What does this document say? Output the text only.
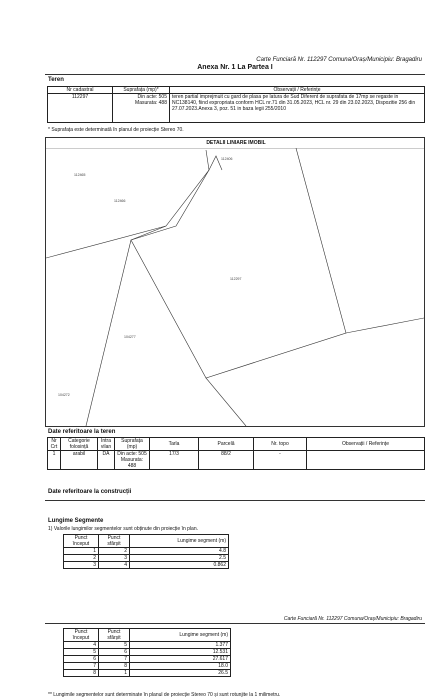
Carte Funciară Nr. 112297 Comuna/Oraș/Municipiu: Bragadiru
Anexa Nr. 1 La Partea I
Teren
Nr cadastral	Suprafața (mp)*	Observații / Referințe
112297	Din acte: 505
Masurata: 488	teren partial imprejmuit cu gard de plasa pe latura de Sud Diferent de suprafata de 17mp se regaste in NC138140, fiind expropriata conform HCL nr.71 din 31.05.2023, HCL nr. 29 din 23.02.2023, Dispozitie 256 din 27.07.2023.Anexa 3, poz. 51 in baza legii 255/2010
* Suprafața este determinată în planul de proiecție Stereo 70.
DETALII LINIARE IMOBIL
112406
112465
112466
112297
104277
104272
Date referitoare la teren
Nr Crt	Categorie folosință	Intra vilan	Suprafața (mp)	Tarla	Parcelă	Nr. topo	Observații / Referințe
1	arabil	DA	Din acte: 505
Masurata: 488	17/3	88/2	-	
Date referitoare la construcții
Lungime Segmente
1) Valorile lungimilor segmentelor sunt obținute din proiecție în plan.
Punct început	Punct sfârșit	Lungime segment (m)
1	2	4.8
2	3	2.5
3	4	0.862
Carte Funciară Nr. 112297 Comuna/Oraș/Municipiu: Bragadiru
Punct început	Punct sfârșit	Lungime segment (m)
4	5	1.377
5	6	12.531
6	7	27.617
7	8	18.0
8	1	26.5
** Lungimile segmentelor sunt determinate în planul de proiecție Stereo 70 și sunt rotunjite la 1 milimetru.
